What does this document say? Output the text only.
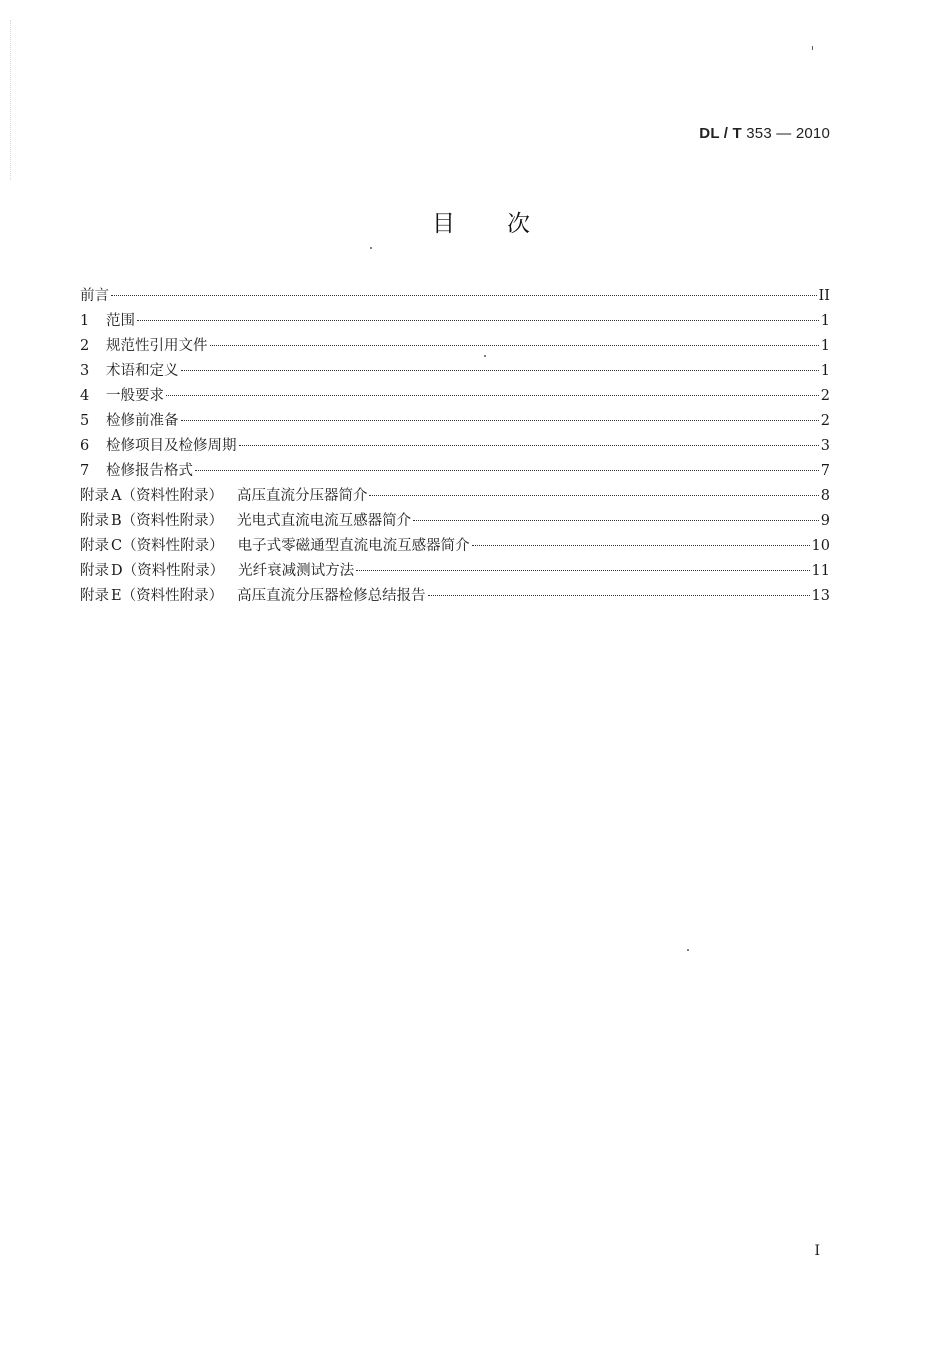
DL / T 353 — 2010
目次
前言	II
1 范围	1
2 规范性引用文件	1
3 术语和定义	1
4 一般要求	2
5 检修前准备	2
6 检修项目及检修周期	3
7 检修报告格式	7
附录 A（资料性附录） 高压直流分压器简介	8
附录 B（资料性附录） 光电式直流电流互感器简介	9
附录 C（资料性附录） 电子式零磁通型直流电流互感器简介	10
附录 D（资料性附录） 光纤衰减测试方法	11
附录 E（资料性附录） 高压直流分压器检修总结报告	13
I
